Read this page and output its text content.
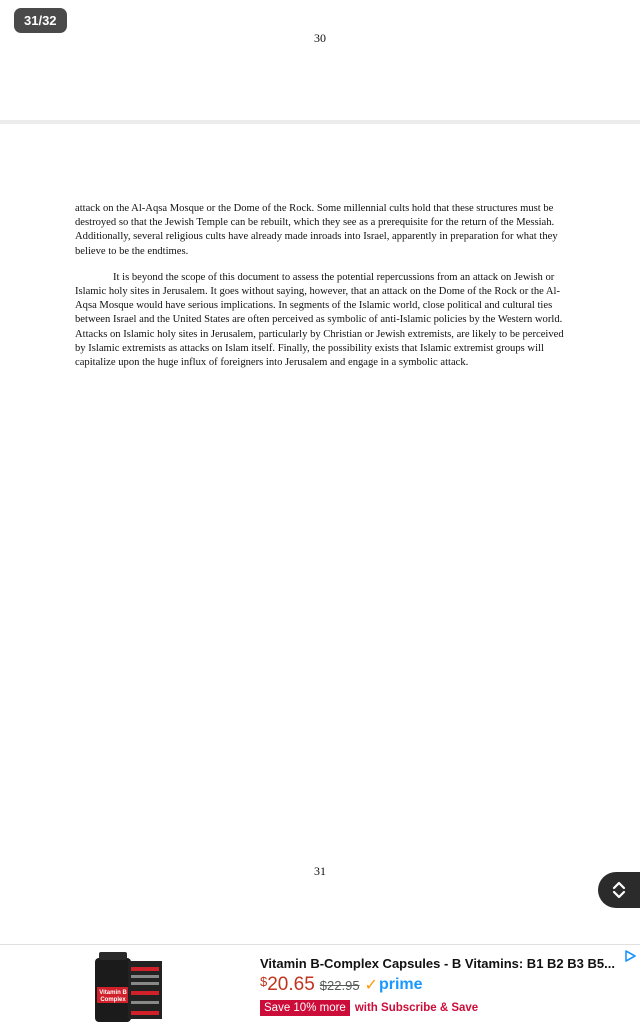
31/32
30

attack on the Al-Aqsa Mosque or the Dome of the Rock. Some millennial cults hold that these structures must be destroyed so that the Jewish Temple can be rebuilt, which they see as a prerequisite for the return of the Messiah. Additionally, several religious cults have already made inroads into Israel, apparently in preparation for what they believe to be the endtimes.

It is beyond the scope of this document to assess the potential repercussions from an attack on Jewish or Islamic holy sites in Jerusalem. It goes without saying, however, that an attack on the Dome of the Rock or the Al-Aqsa Mosque would have serious implications. In segments of the Islamic world, close political and cultural ties between Israel and the United States are often perceived as symbolic of anti-Islamic policies by the Western world. Attacks on Islamic holy sites in Jerusalem, particularly by Christian or Jewish extremists, are likely to be perceived by Islamic extremists as attacks on Islam itself. Finally, the possibility exists that Islamic extremist groups will capitalize upon the huge influx of foreigners into Jerusalem and engage in a symbolic attack.

31
Vitamin B
Complex
Vitamin B-Complex Capsules - B Vitamins: B1 B2 B3 B5...
$20.65 $22.95 ✓ prime
Save 10% more with Subscribe & Save
